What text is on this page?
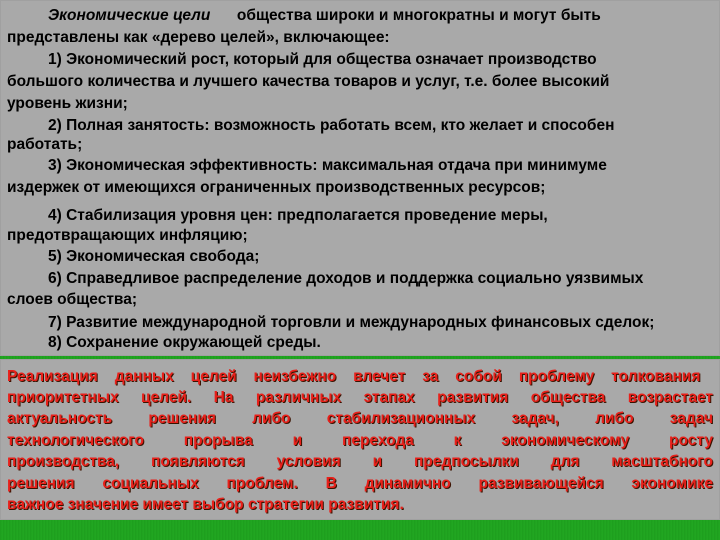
Экономические цели общества широки и многократны и могут быть
представлены как «дерево целей», включающее:
1) Экономический рост, который для общества означает производство
большого количества и лучшего качества товаров и услуг, т.е. более высокий
уровень жизни;
2) Полная занятость: возможность работать всем, кто желает и способен
работать;
3) Экономическая эффективность: максимальная отдача при минимуме
издержек от имеющихся ограниченных производственных ресурсов;
4) Стабилизация уровня цен: предполагается проведение меры,
предотвращающих инфляцию;
5) Экономическая свобода;
6) Справедливое распределение доходов и поддержка социально уязвимых
слоев общества;
7) Развитие международной торговли и международных финансовых сделок;
8) Сохранение окружающей среды.
Реализация данных целей неизбежно влечет за собой проблему толкования
приоритетных целей. На различных этапах развития общества возрастает
актуальность решения либо стабилизационных задач, либо задач
технологического прорыва и перехода к экономическому росту
производства, появляются условия и предпосылки для масштабного
решения социальных проблем. В динамично развивающейся экономике
важное значение имеет выбор стратегии развития.
